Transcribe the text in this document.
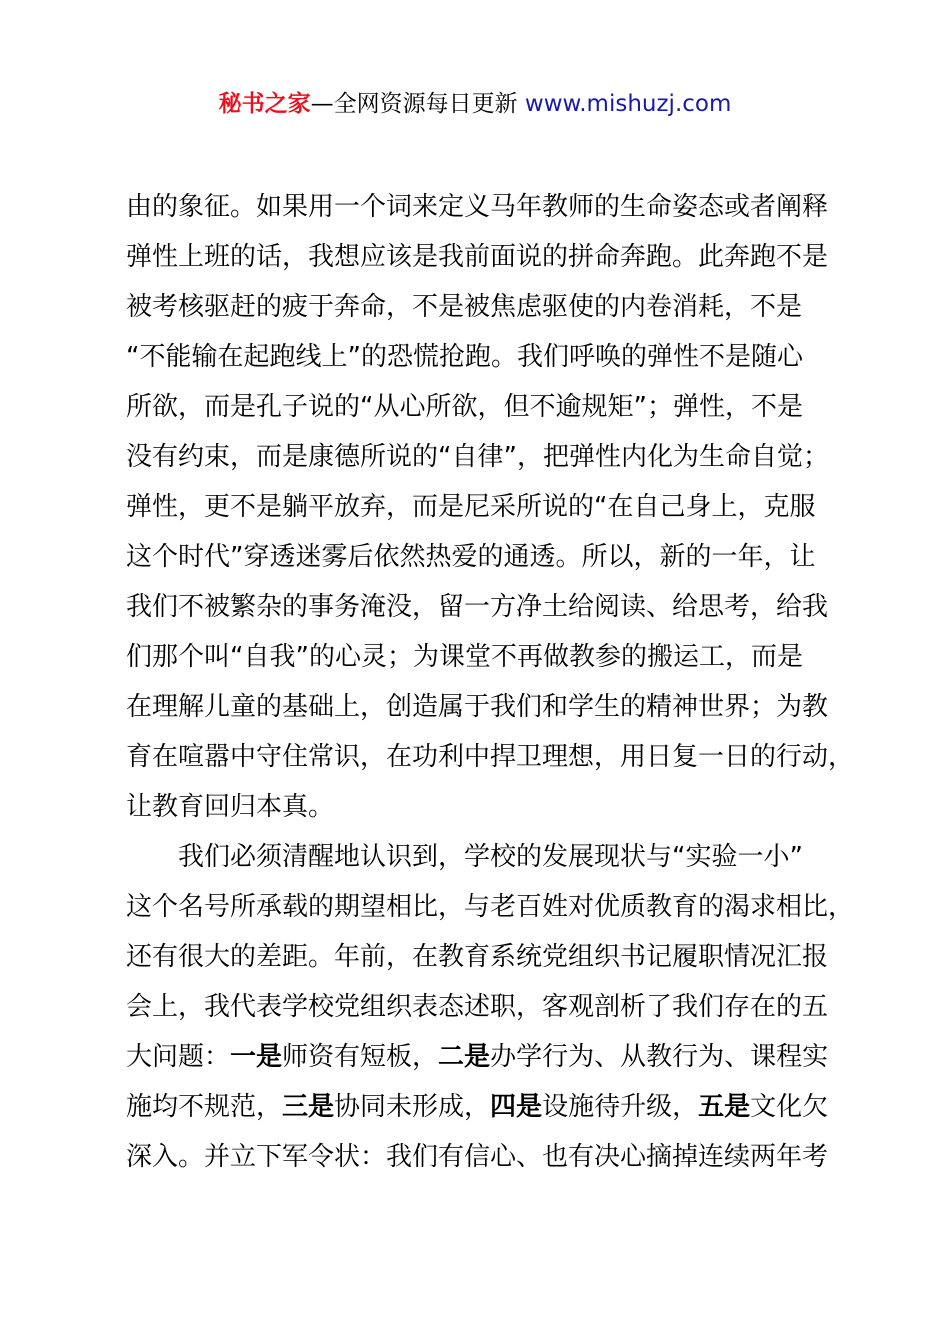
秘书之家—全网资源每日更新 www.mishuzj.com
由的象征。如果用一个词来定义马年教师的生命姿态或者阐释
弹性上班的话，我想应该是我前面说的拼命奔跑。此奔跑不是
被考核驱赶的疲于奔命，不是被焦虑驱使的内卷消耗，不是
“不能输在起跑线上”的恐慌抢跑。我们呼唤的弹性不是随心
所欲，而是孔子说的“从心所欲，但不逾规矩”；弹性，不是
没有约束，而是康德所说的“自律”，把弹性内化为生命自觉；
弹性，更不是躺平放弃，而是尼采所说的“在自己身上，克服
这个时代”穿透迷雾后依然热爱的通透。所以，新的一年，让
我们不被繁杂的事务淹没，留一方净土给阅读、给思考，给我
们那个叫“自我”的心灵；为课堂不再做教参的搬运工，而是
在理解儿童的基础上，创造属于我们和学生的精神世界；为教
育在喧嚣中守住常识，在功利中捍卫理想，用日复一日的行动，
让教育回归本真。
我们必须清醒地认识到，学校的发展现状与“实验一小”
这个名号所承载的期望相比，与老百姓对优质教育的渴求相比，
还有很大的差距。年前，在教育系统党组织书记履职情况汇报
会上，我代表学校党组织表态述职，客观剖析了我们存在的五
大问题：一是师资有短板，二是办学行为、从教行为、课程实
施均不规范，三是协同未形成，四是设施待升级，五是文化欠
深入。并立下军令状：我们有信心、也有决心摘掉连续两年考
